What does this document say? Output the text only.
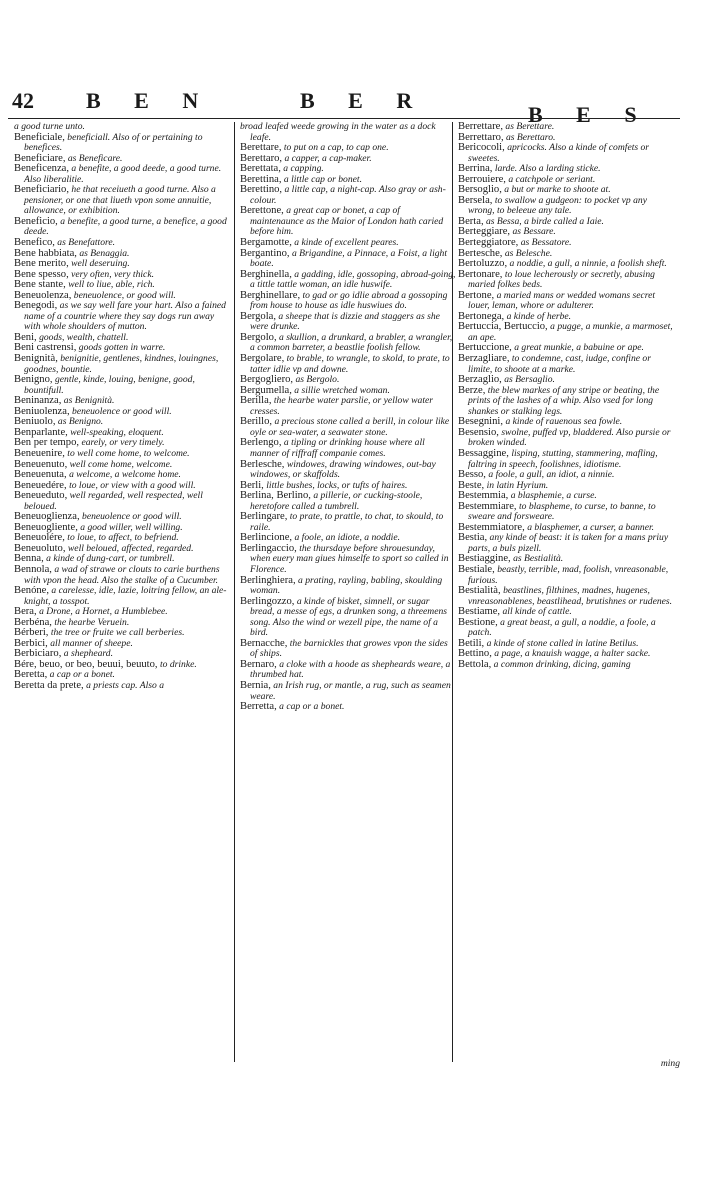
42 B E N	B E R
B E S

a good turne unto.

Beneficiale, beneficiall. Also of or pertaining to benefices.

Beneficiare, as Beneficare.

Beneficenza, a benefite, a good deede, a good turne. Also liberalitie.

Beneficiario, he that receiueth a good turne. Also a pensioner, or one that liueth vpon some annuitie, allowance, or exhibition.

Beneficio, a benefite, a good turne, a benefice, a good deede.

Benefico, as Benefattore.

Bene habbiata, as Benaggia.

Bene merito, well deseruing.

Bene spesso, very often, very thick.

Bene stante, well to liue, able, rich.

Beneuolenza, beneuolence, or good will.

Benegodi, as we say well fare your hart. Also a fained name of a countrie where they say dogs run away with whole shoulders of mutton.

Beni, goods, wealth, chattell.

Beni castrensi, goods gotten in warre.

Benignità, benignitie, gentlenes, kindnes, louingnes, goodnes, bountie.

Benigno, gentle, kinde, louing, benigne, good, bountifull.

Beninanza, as Benignità.

Beniuolenza, beneuolence or good will.

Beniuolo, as Benigno.

Benparlante, well-speaking, eloquent.

Ben per tempo, earely, or very timely.

Beneuenire, to well come home, to welcome.

Beneuenuto, well come home, welcome.

Beneuenuta, a welcome, a welcome home.

Beneuedére, to loue, or view with a good will.

Beneueduto, well regarded, well respected, well beloued.

Beneuoglienza, beneuolence or good will.

Beneuogliente, a good willer, well willing.

Beneuolére, to loue, to affect, to befriend.

Beneuoluto, well beloued, affected, regarded.

Benna, a kinde of dung-cart, or tumbrell.

Bennola, a wad of strawe or clouts to carie burthens with vpon the head. Also the stalke of a Cucumber.

Benóne, a carelesse, idle, lazie, loitring fellow, an ale-knight, a tosspot.

Bera, a Drone, a Hornet, a Humblebee.

Berbéna, the hearbe Veruein.

Bérberi, the tree or fruite we call berberies.

Berbici, all manner of sheepe.

Berbiciaro, a shepheard.

Bére, beuo, or beo, beuui, beuuto, to drinke.

Beretta, a cap or a bonet.

Beretta da prete, a priests cap. Also a

broad leafed weede growing in the water as a dock leafe.

Berettare, to put on a cap, to cap one.

Berettaro, a capper, a cap-maker.

Berettata, a capping.

Berettina, a little cap or bonet.

Berettino, a little cap, a night-cap. Also gray or ash-colour.

Berettone, a great cap or bonet, a cap of maintenaunce as the Maior of London hath caried before him.

Bergamotte, a kinde of excellent peares.

Bergantino, a Brigandine, a Pinnace, a Foist, a light boate.

Berghinella, a gadding, idle, gossoping, abroad-going, a tittle tattle woman, an idle huswife.

Berghinellare, to gad or go idlie abroad a gossoping from house to house as idle huswiues do.

Bergola, a sheepe that is dizzie and staggers as she were drunke.

Bergolo, a skullion, a drunkard, a brabler, a wrangler, a common barreter, a beastlie foolish fellow.

Bergolare, to brable, to wrangle, to skold, to prate, to tatter idlie vp and downe.

Bergogliero, as Bergolo.

Bergumella, a sillie wretched woman.

Berilla, the hearbe water parslie, or yellow water cresses.

Berillo, a precious stone called a berill, in colour like oyle or sea-water, a seawater stone.

Berlengo, a tipling or drinking house where all manner of riffraff companie comes.

Berlesche, windowes, drawing windowes, out-bay windowes, or skaffolds.

Berli, little bushes, locks, or tufts of haires.

Berlina, Berlino, a pillerie, or cucking-stoole, heretofore called a tumbrell.

Berlingare, to prate, to prattle, to chat, to skould, to raile.

Berlincione, a foole, an idiote, a noddie.

Berlingaccio, the thursdaye before shrouesunday, when euery man giues himselfe to sport so called in Florence.

Berlinghiera, a prating, rayling, babling, skoulding woman.

Berlingozzo, a kinde of bisket, simnell, or sugar bread, a messe of egs, a drunken song, a threemens song. Also the wind or wezell pipe, the name of a bird.

Bernacche, the barnickles that growes vpon the sides of ships.

Bernaro, a cloke with a hoode as shepheards weare, a thrumbed hat.

Bernia, an Irish rug, or mantle, a rug, such as seamen weare.

Berretta, a cap or a bonet.

Berrettare, as Berettare.

Berrettaro, as Berettaro.

Bericocoli, apricocks. Also a kinde of comfets or sweetes.

Berrina, larde. Also a larding sticke.

Berrouiere, a catchpole or seriant.

Bersoglio, a but or marke to shoote at.

Bersela, to swallow a gudgeon: to pocket vp any wrong, to beleeue any tale.

Berta, as Bessa, a birde called a Iaie.

Berteggiare, as Bessare.

Berteggiatore, as Bessatore.

Bertesche, as Belesche.

Bertoluzzo, a noddie, a gull, a ninnie, a foolish sheft.

Bertonare, to loue lecherously or secretly, abusing maried folkes beds.

Bertone, a maried mans or wedded womans secret louer, leman, whore or adulterer.

Bertonega, a kinde of herbe.

Bertuccia, Bertuccio, a pugge, a munkie, a marmoset, an ape.

Bertuccione, a great munkie, a babuine or ape.

Berzagliare, to condemne, cast, iudge, confine or limite, to shoote at a marke.

Berzaglio, as Bersaglio.

Berze, the blew markes of any stripe or beating, the prints of the lashes of a whip. Also vsed for long shankes or stalking legs.

Besegnini, a kinde of rauenous sea fowle.

Besensio, swolne, puffed vp, bladdered. Also pursie or broken winded.

Bessaggine, lisping, stutting, stammering, mafling, faltring in speech, foolishnes, idiotisme.

Besso, a foole, a gull, an idiot, a ninnie.

Beste, in latin Hyrium.

Bestemmia, a blasphemie, a curse.

Bestemmiare, to blaspheme, to curse, to banne, to sweare and forsweare.

Bestemmiatore, a blasphemer, a curser, a banner.

Bestia, any kinde of beast: it is taken for a mans priuy parts, a buls pizell.

Bestiaggine, as Bestialità.

Bestiale, beastly, terrible, mad, foolish, vnreasonable, furious.

Bestialità, beastlines, filthines, madnes, hugenes, vnreasonablenes, beastlihead, brutishnes or rudenes.

Bestiame, all kinde of cattle.

Bestione, a great beast, a gull, a noddie, a foole, a patch.

Betili, a kinde of stone called in latine Betilus.

Bettino, a page, a knauish wagge, a halter sacke.

Bettola, a common drinking, dicing, gaming

ming
